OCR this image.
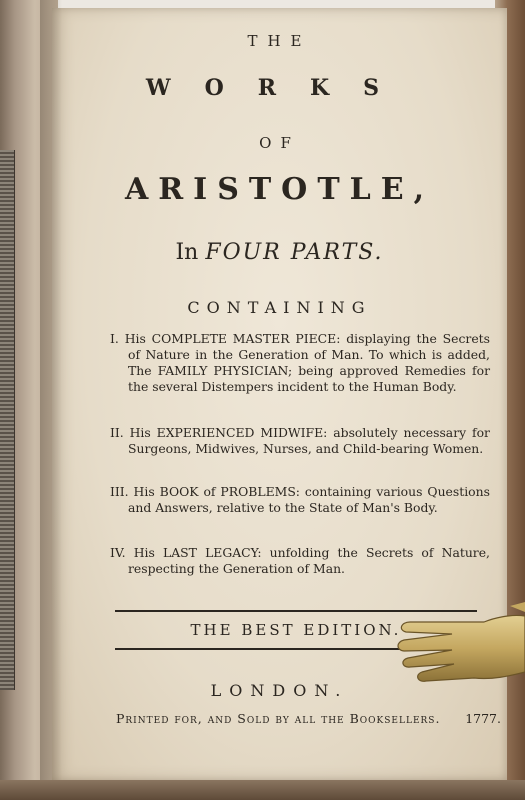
THE
WORKS
OF
ARISTOTLE,
In FOUR PARTS.
CONTAINING

I. His COMPLETE MASTER PIECE: displaying the Secrets of Nature in the Generation of Man. To which is added, The FAMILY PHYSICIAN; being approved Remedies for the several Distempers incident to the Human Body.

II. His EXPERIENCED MIDWIFE: absolutely necessary for Surgeons, Midwives, Nurses, and Child-bearing Women.

III. His BOOK of PROBLEMS: containing various Questions and Answers, relative to the State of Man's Body.

IV. His LAST LEGACY: unfolding the Secrets of Nature, respecting the Generation of Man.

THE BEST EDITION.
LONDON.
Printed for, and Sold by all the Booksellers. 1777.
